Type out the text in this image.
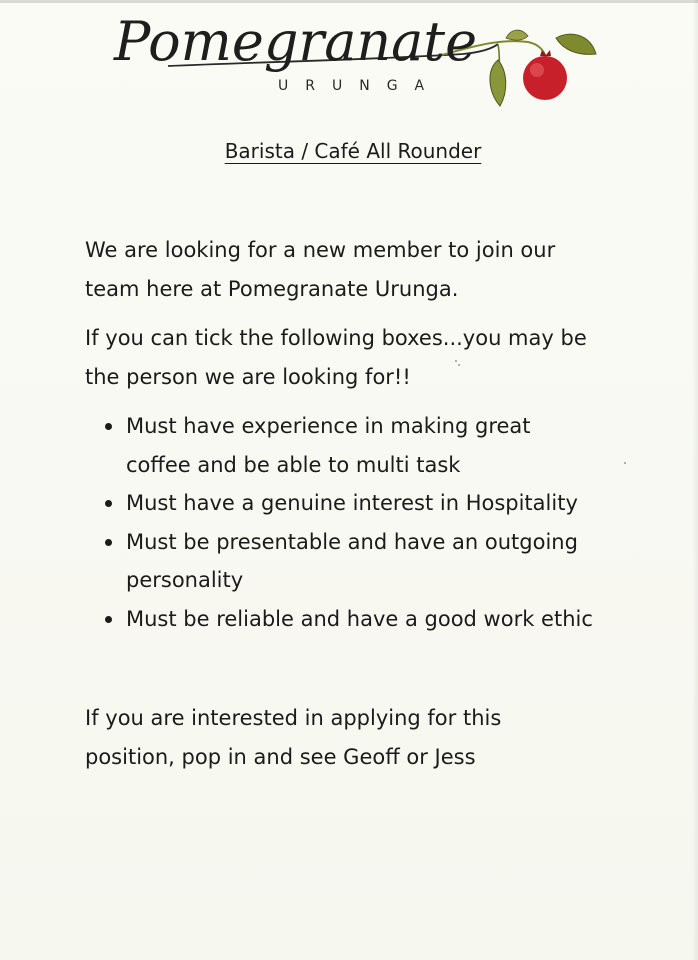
Pomegranate
URUNGA
Barista / Café All Rounder
We are looking for a new member to join our
team here at Pomegranate Urunga.
If you can tick the following boxes...you may be
the person we are looking for!!
Must have experience in making great
coffee and be able to multi task
Must have a genuine interest in Hospitality
Must be presentable and have an outgoing
personality
Must be reliable and have a good work ethic
If you are interested in applying for this
position, pop in and see Geoff or Jess
